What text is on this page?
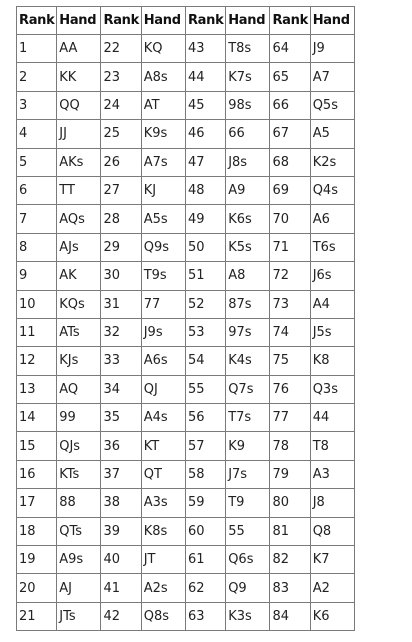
Rank	Hand	Rank	Hand	Rank	Hand	Rank	Hand
1	AA	22	KQ	43	T8s	64	J9
2	KK	23	A8s	44	K7s	65	A7
3	QQ	24	AT	45	98s	66	Q5s
4	JJ	25	K9s	46	66	67	A5
5	AKs	26	A7s	47	J8s	68	K2s
6	TT	27	KJ	48	A9	69	Q4s
7	AQs	28	A5s	49	K6s	70	A6
8	AJs	29	Q9s	50	K5s	71	T6s
9	AK	30	T9s	51	A8	72	J6s
10	KQs	31	77	52	87s	73	A4
11	ATs	32	J9s	53	97s	74	J5s
12	KJs	33	A6s	54	K4s	75	K8
13	AQ	34	QJ	55	Q7s	76	Q3s
14	99	35	A4s	56	T7s	77	44
15	QJs	36	KT	57	K9	78	T8
16	KTs	37	QT	58	J7s	79	A3
17	88	38	A3s	59	T9	80	J8
18	QTs	39	K8s	60	55	81	Q8
19	A9s	40	JT	61	Q6s	82	K7
20	AJ	41	A2s	62	Q9	83	A2
21	JTs	42	Q8s	63	K3s	84	K6
